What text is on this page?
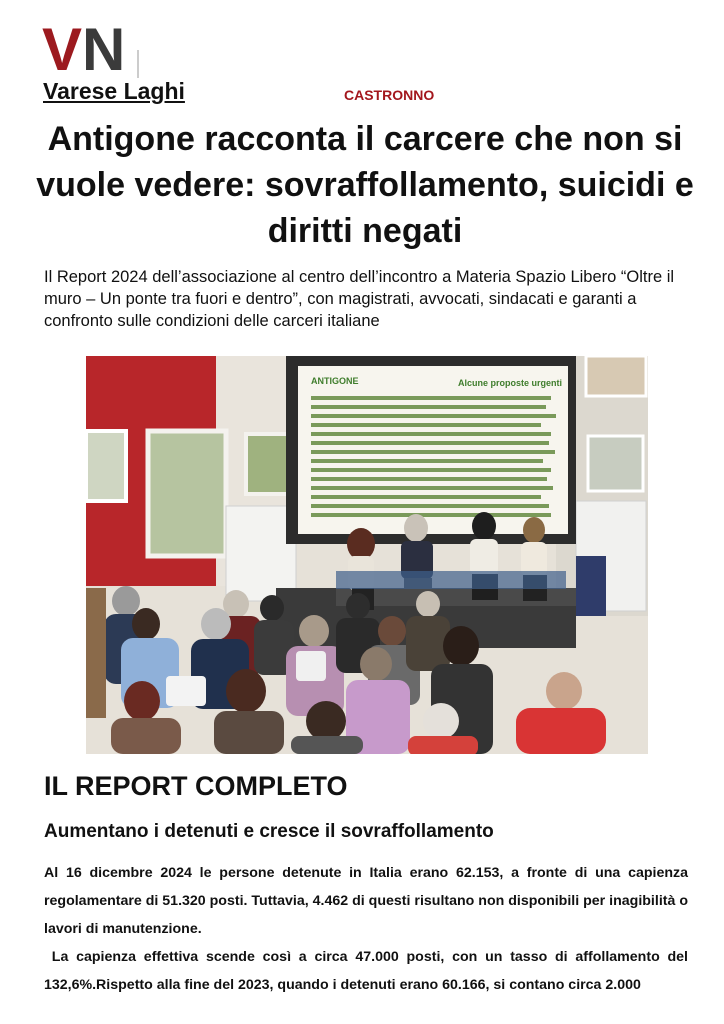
V N
Varese Laghi	CASTRONNO
Antigone racconta il carcere che non si vuole vedere: sovraffollamento, suicidi e diritti negati

Il Report 2024 dell’associazione al centro dell’incontro a Materia Spazio Libero “Oltre il muro – Un ponte tra fuori e dentro”, con magistrati, avvocati, sindacati e garanti a confronto sulle condizioni delle carceri italiane

ANTIGONE	Alcune proposte urgenti
IL REPORT COMPLETO
Aumentano i detenuti e cresce il sovraffollamento

Al 16 dicembre 2024 le persone detenute in Italia erano 62.153, a fronte di una capienza regolamentare di 51.320 posti. Tuttavia, 4.462 di questi risultano non disponibili per inagibilità o lavori di manutenzione.

La capienza effettiva scende così a circa 47.000 posti, con un tasso di affollamento del 132,6%.Rispetto alla fine del 2023, quando i detenuti erano 60.166, si contano circa 2.000
